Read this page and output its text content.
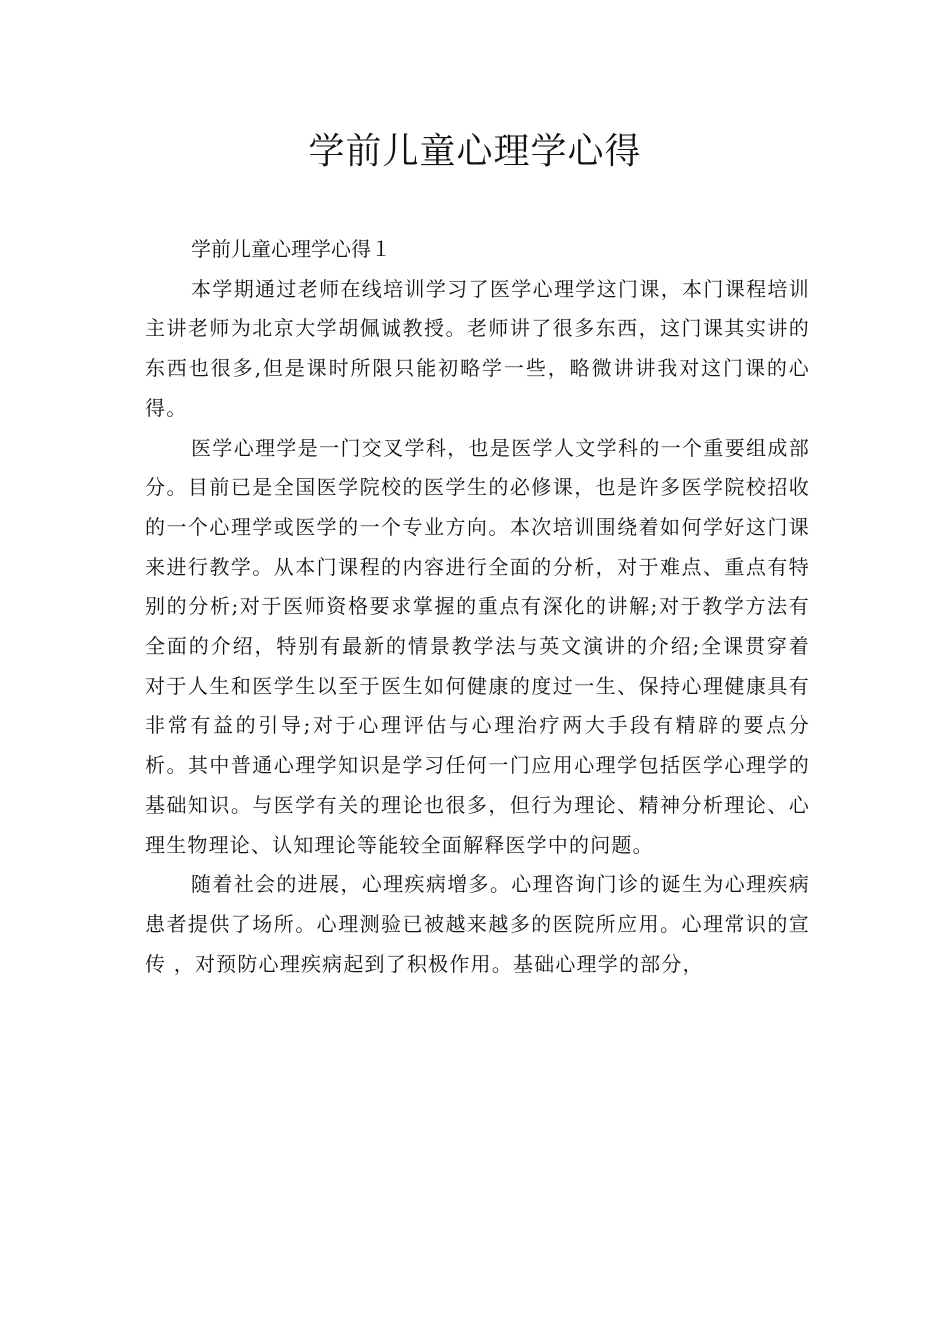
学前儿童心理学心得

学前儿童心理学心得１

本学期通过老师在线培训学习了医学心理学这门课，本门课程培训主讲老师为北京大学胡佩诚教授。老师讲了很多东西，这门课其实讲的东西也很多,但是课时所限只能初略学一些，略微讲讲我对这门课的心得。

医学心理学是一门交叉学科，也是医学人文学科的一个重要组成部分。目前已是全国医学院校的医学生的必修课，也是许多医学院校招收的一个心理学或医学的一个专业方向。本次培训围绕着如何学好这门课来进行教学。从本门课程的内容进行全面的分析，对于难点、重点有特别的分析;对于医师资格要求掌握的重点有深化的讲解;对于教学方法有全面的介绍，特别有最新的情景教学法与英文演讲的介绍;全课贯穿着对于人生和医学生以至于医生如何健康的度过一生、保持心理健康具有非常有益的引导;对于心理评估与心理治疗两大手段有精辟的要点分析。其中普通心理学知识是学习任何一门应用心理学包括医学心理学的基础知识。与医学有关的理论也很多，但行为理论、精神分析理论、心理生物理论、认知理论等能较全面解释医学中的问题。

随着社会的进展，心理疾病增多。心理咨询门诊的诞生为心理疾病患者提供了场所。心理测验已被越来越多的医院所应用。心理常识的宣传 ，对预防心理疾病起到了积极作用。基础心理学的部分，
